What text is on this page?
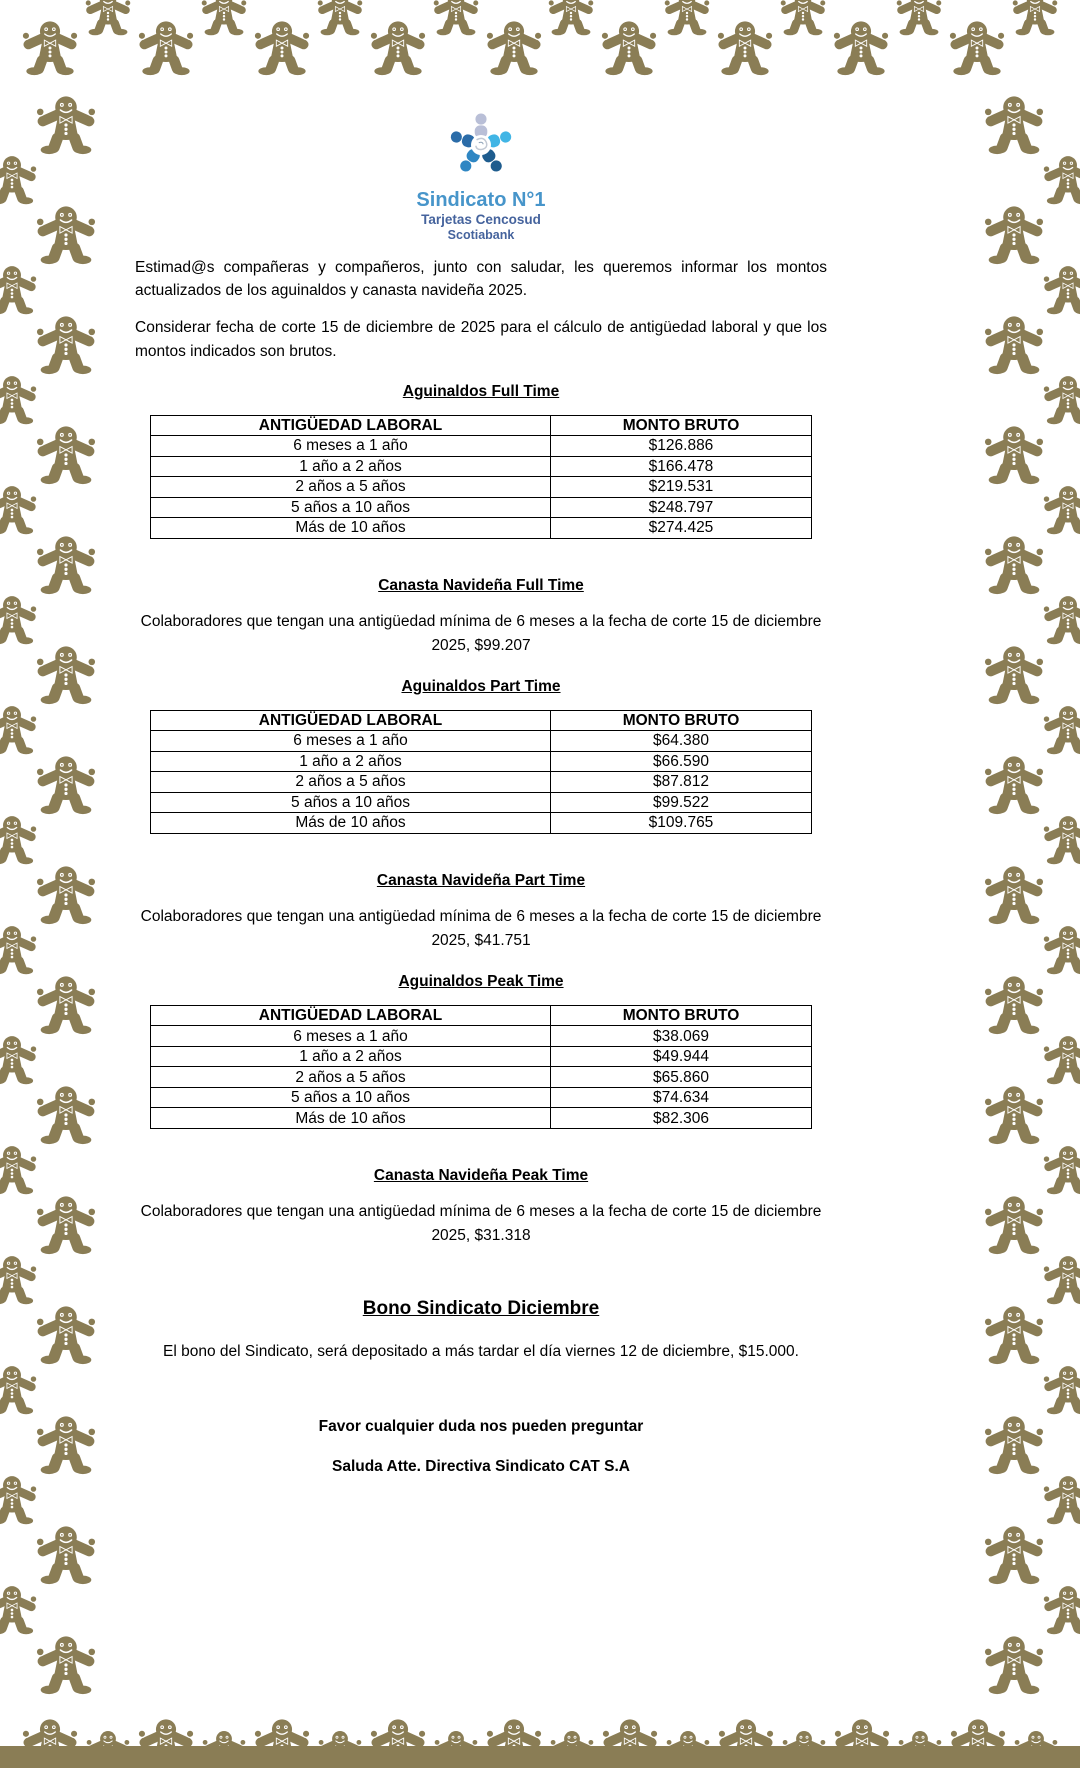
Sindicato N°1
Tarjetas Cencosud
Scotiabank

Estimad@s compañeras y compañeros, junto con saludar, les queremos informar los montos actualizados de los aguinaldos y canasta navideña 2025.

Considerar fecha de corte 15 de diciembre de 2025 para el cálculo de antigüedad laboral y que los montos indicados son brutos.

Aguinaldos Full Time
ANTIGÜEDAD LABORAL	MONTO BRUTO
6 meses a 1 año	$126.886
1 año a 2 años	$166.478
2 años a 5 años	$219.531
5 años a 10 años	$248.797
Más de 10 años	$274.425
Canasta Navideña Full Time

Colaboradores que tengan una antigüedad mínima de 6 meses a la fecha de corte 15 de diciembre 2025, $99.207

Aguinaldos Part Time
ANTIGÜEDAD LABORAL	MONTO BRUTO
6 meses a 1 año	$64.380
1 año a 2 años	$66.590
2 años a 5 años	$87.812
5 años a 10 años	$99.522
Más de 10 años	$109.765
Canasta Navideña Part Time

Colaboradores que tengan una antigüedad mínima de 6 meses a la fecha de corte 15 de diciembre 2025, $41.751

Aguinaldos Peak Time
ANTIGÜEDAD LABORAL	MONTO BRUTO
6 meses a 1 año	$38.069
1 año a 2 años	$49.944
2 años a 5 años	$65.860
5 años a 10 años	$74.634
Más de 10 años	$82.306
Canasta Navideña Peak Time

Colaboradores que tengan una antigüedad mínima de 6 meses a la fecha de corte 15 de diciembre 2025, $31.318

Bono Sindicato Diciembre

El bono del Sindicato, será depositado a más tardar el día viernes 12 de diciembre, $15.000.

Favor cualquier duda nos pueden preguntar

Saluda Atte. Directiva Sindicato CAT S.A
